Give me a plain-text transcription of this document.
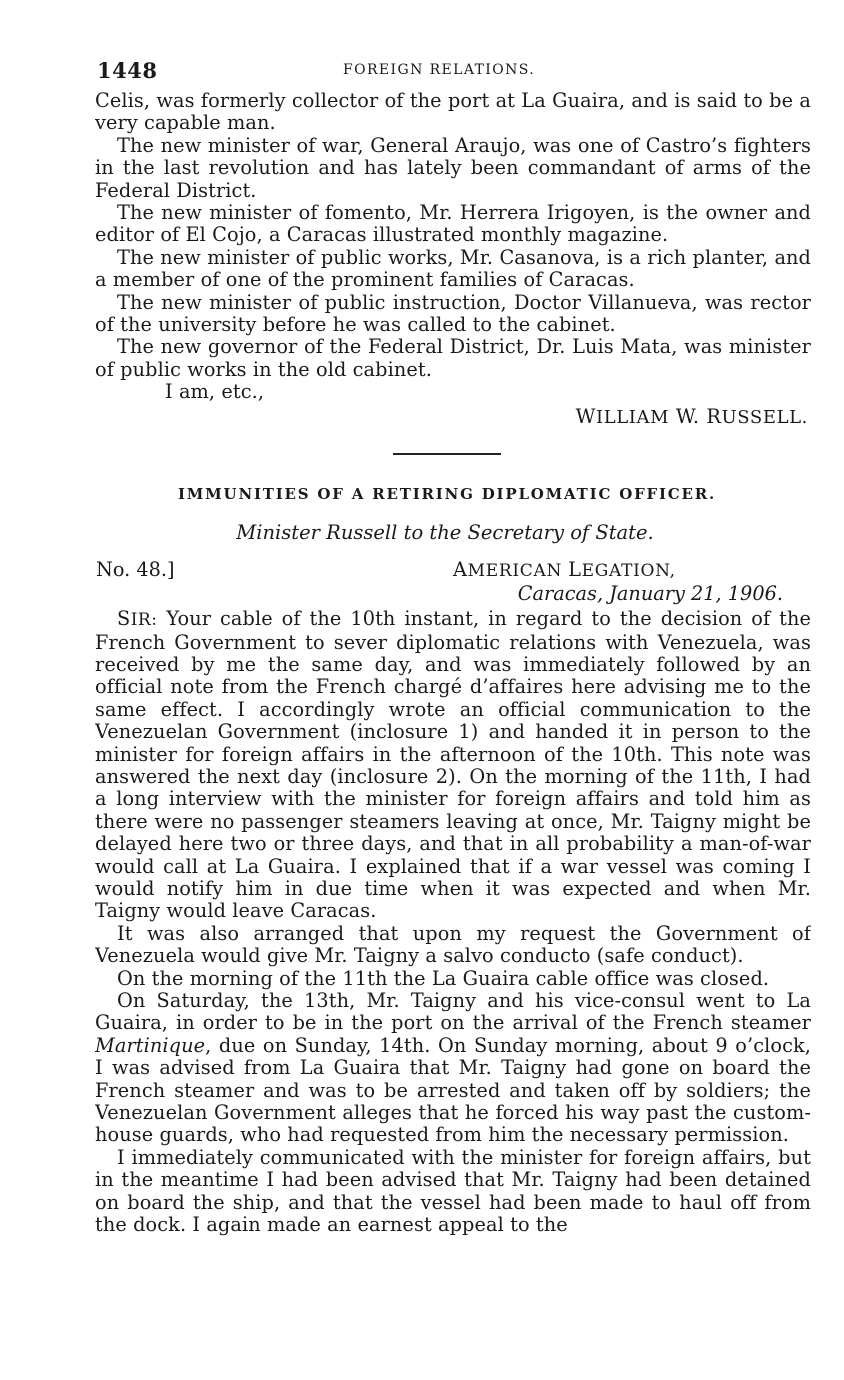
1448	FOREIGN RELATIONS.

Celis, was formerly collector of the port at La Guaira, and is said to be a very capable man.

The new minister of war, General Araujo, was one of Castro’s fighters in the last revolution and has lately been commandant of arms of the Federal District.

The new minister of fomento, Mr. Herrera Irigoyen, is the owner and editor of El Cojo, a Caracas illustrated monthly magazine.

The new minister of public works, Mr. Casanova, is a rich planter, and a member of one of the prominent families of Caracas.

The new minister of public instruction, Doctor Villanueva, was rector of the university before he was called to the cabinet.

The new governor of the Federal District, Dr. Luis Mata, was minister of public works in the old cabinet.

I am, etc.,

WILLIAM W. RUSSELL.

IMMUNITIES OF A RETIRING DIPLOMATIC OFFICER.

Minister Russell to the Secretary of State.

No. 48.]	AMERICAN LEGATION,
Caracas, January 21, 1906.

SIR: Your cable of the 10th instant, in regard to the decision of the French Government to sever diplomatic relations with Venezuela, was received by me the same day, and was immediately followed by an official note from the French chargé d’affaires here advising me to the same effect. I accordingly wrote an official communication to the Venezuelan Government (inclosure 1) and handed it in person to the minister for foreign affairs in the afternoon of the 10th. This note was answered the next day (inclosure 2). On the morning of the 11th, I had a long interview with the minister for foreign affairs and told him as there were no passenger steamers leaving at once, Mr. Taigny might be delayed here two or three days, and that in all probability a man-of-war would call at La Guaira. I explained that if a war vessel was coming I would notify him in due time when it was expected and when Mr. Taigny would leave Caracas.

It was also arranged that upon my request the Government of Venezuela would give Mr. Taigny a salvo conducto (safe conduct).

On the morning of the 11th the La Guaira cable office was closed.

On Saturday, the 13th, Mr. Taigny and his vice-consul went to La Guaira, in order to be in the port on the arrival of the French steamer Martinique, due on Sunday, 14th. On Sunday morning, about 9 o’clock, I was advised from La Guaira that Mr. Taigny had gone on board the French steamer and was to be arrested and taken off by soldiers; the Venezuelan Government alleges that he forced his way past the custom-house guards, who had requested from him the necessary permission.

I immediately communicated with the minister for foreign affairs, but in the meantime I had been advised that Mr. Taigny had been detained on board the ship, and that the vessel had been made to haul off from the dock. I again made an earnest appeal to the
